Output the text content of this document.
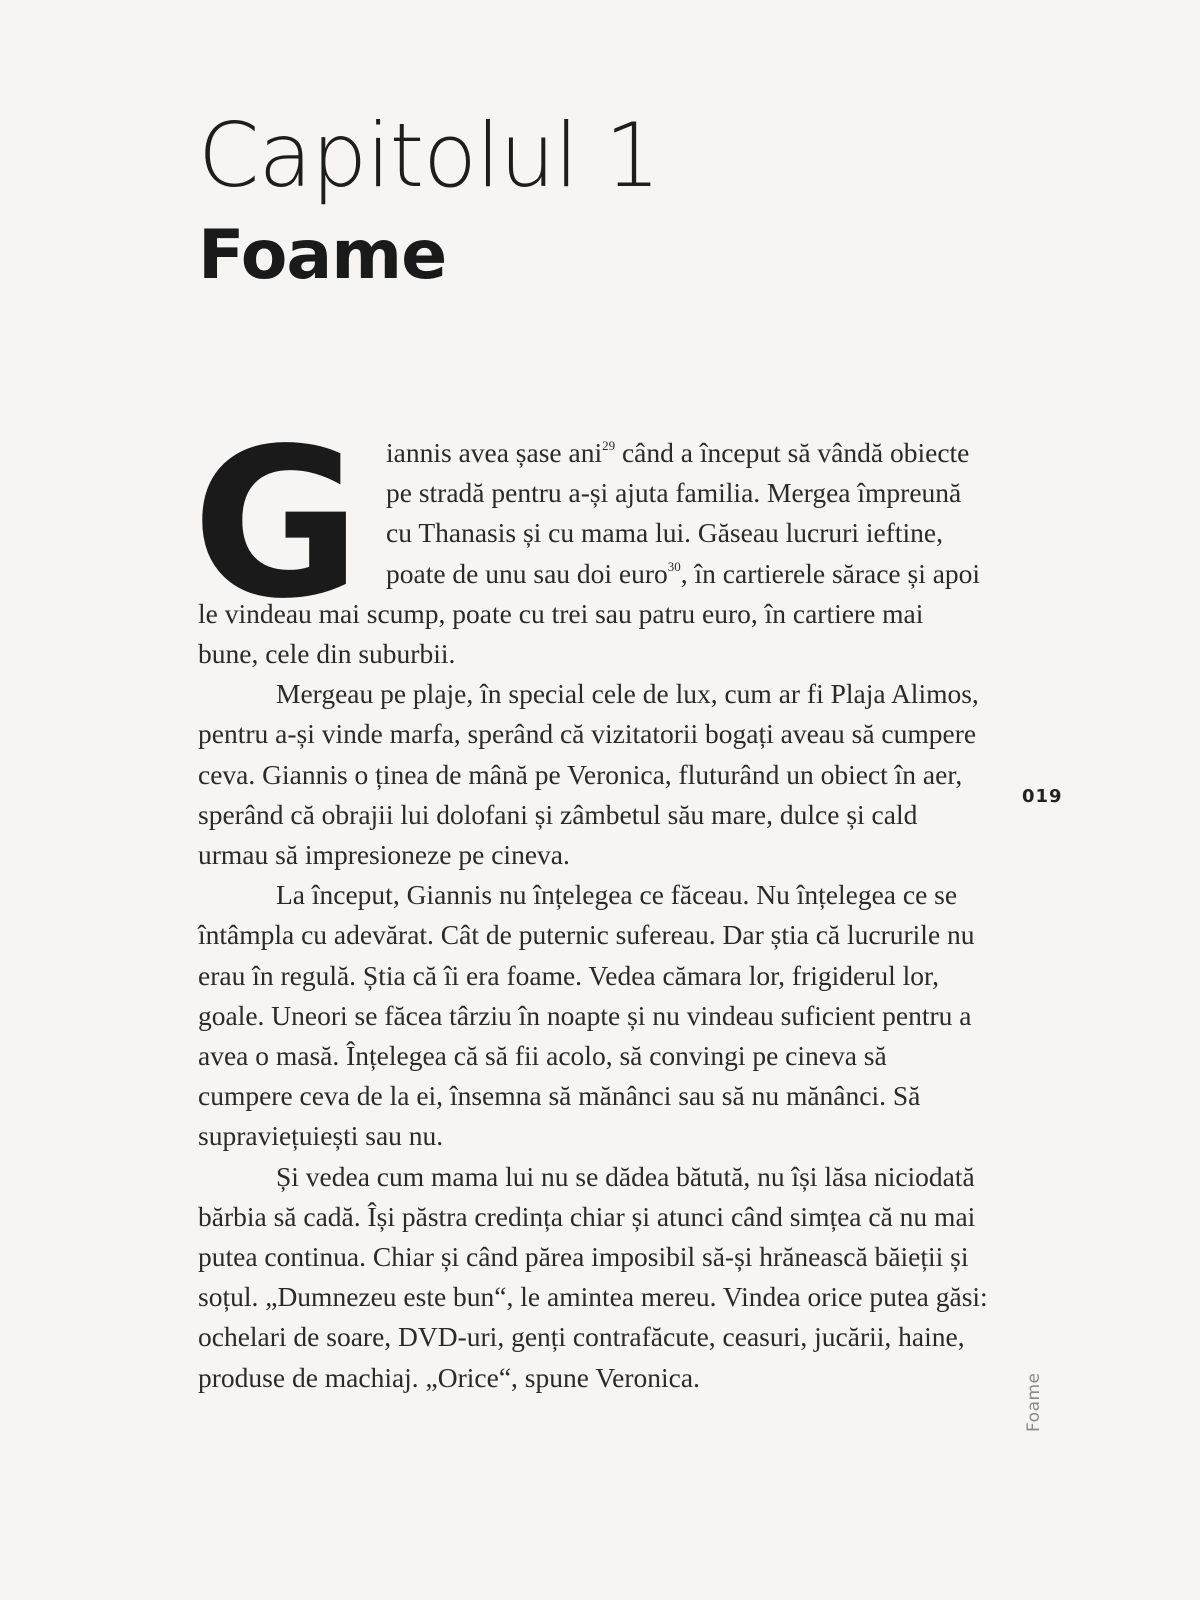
Capitolul 1
Foame

G iannis avea șase ani$^{29}$ când a început să vândă obiecte pe stradă pentru a-și ajuta familia. Mergea împreună cu Thanasis și cu mama lui. Găseau lucruri ieftine, poate de unu sau doi euro$^{30}$, în cartierele sărace și apoi le vindeau mai scump, poate cu trei sau patru euro, în cartiere mai bune, cele din suburbii.

Mergeau pe plaje, în special cele de lux, cum ar fi Plaja Alimos, pentru a-și vinde marfa, sperând că vizitatorii bogați aveau să cumpere ceva. Giannis o ținea de mână pe Veronica, fluturând un obiect în aer, sperând că obrajii lui dolofani și zâmbetul său mare, dulce și cald urmau să impresioneze pe cineva.

La început, Giannis nu înțelegea ce făceau. Nu înțelegea ce se întâmpla cu adevărat. Cât de puternic sufereau. Dar știa că lucrurile nu erau în regulă. Știa că îi era foame. Vedea cămara lor, frigiderul lor, goale. Uneori se făcea târziu în noapte și nu vindeau suficient pentru a avea o masă. Înțelegea că să fii acolo, să convingi pe cineva să cumpere ceva de la ei, însemna să mănânci sau să nu mănânci. Să supraviețuiești sau nu.

Și vedea cum mama lui nu se dădea bătută, nu își lăsa niciodată bărbia să cadă. Își păstra credința chiar și atunci când simțea că nu mai putea continua. Chiar și când părea imposibil să-și hrănească băieții și soțul. „Dumnezeu este bun“, le amintea mereu. Vindea orice putea găsi: ochelari de soare, DVD-uri, genți contrafăcute, ceasuri, jucării, haine, produse de machiaj. „Orice“, spune Veronica.

019
Foame
